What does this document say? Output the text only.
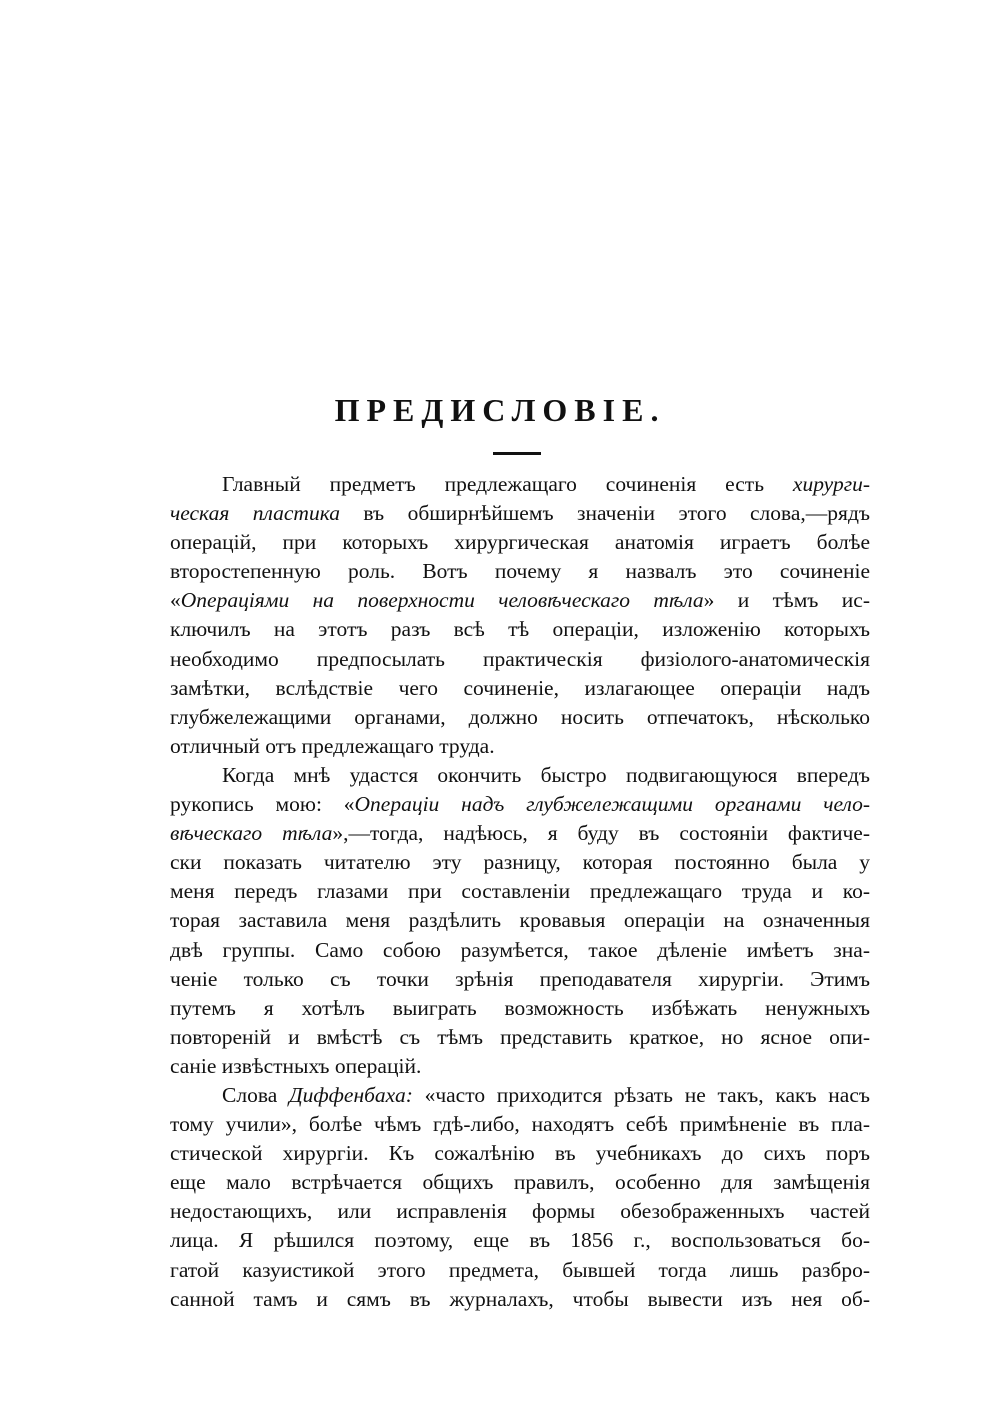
ПРЕДИСЛОВІЕ.
Главный предметъ предлежащаго сочиненія есть хирурги-
ческая пластика въ обширнѣйшемъ значеніи этого слова,—рядъ
операцій, при которыхъ хирургическая анатомія играетъ болѣе
второстепенную роль. Вотъ почему я назвалъ это сочиненіе
«Операціями на поверхности человѣческаго тѣла» и тѣмъ ис-
ключилъ на этотъ разъ всѣ тѣ операціи, изложенію которыхъ
необходимо предпосылать практическія физіолого-анатомическія
замѣтки, вслѣдствіе чего сочиненіе, излагающее операціи надъ
глубжележащими органами, должно носить отпечатокъ, нѣсколько
отличный отъ предлежащаго труда.
Когда мнѣ удастся окончить быстро подвигающуюся впередъ
рукопись мою: «Операціи надъ глубжележащими органами чело-
вѣческаго тѣла»,—тогда, надѣюсь, я буду въ состояніи фактиче-
ски показать читателю эту разницу, которая постоянно была у
меня передъ глазами при составленіи предлежащаго труда и ко-
торая заставила меня раздѣлить кровавыя операціи на означенныя
двѣ группы. Само собою разумѣется, такое дѣленіе имѣетъ зна-
ченіе только съ точки зрѣнія преподавателя хирургіи. Этимъ
путемъ я хотѣлъ выиграть возможность избѣжать ненужныхъ
повтореній и вмѣстѣ съ тѣмъ представить краткое, но ясное опи-
саніе извѣстныхъ операцій.
Слова Диффенбаха: «часто приходится рѣзать не такъ, какъ насъ
тому учили», болѣе чѣмъ гдѣ-либо, находятъ себѣ примѣненіе въ пла-
стической хирургіи. Къ сожалѣнію въ учебникахъ до сихъ поръ
еще мало встрѣчается общихъ правилъ, особенно для замѣщенія
недостающихъ, или исправленія формы обезображенныхъ частей
лица. Я рѣшился поэтому, еще въ 1856 г., воспользоваться бо-
гатой казуистикой этого предмета, бывшей тогда лишь разбро-
санной тамъ и сямъ въ журналахъ, чтобы вывести изъ нея об-
